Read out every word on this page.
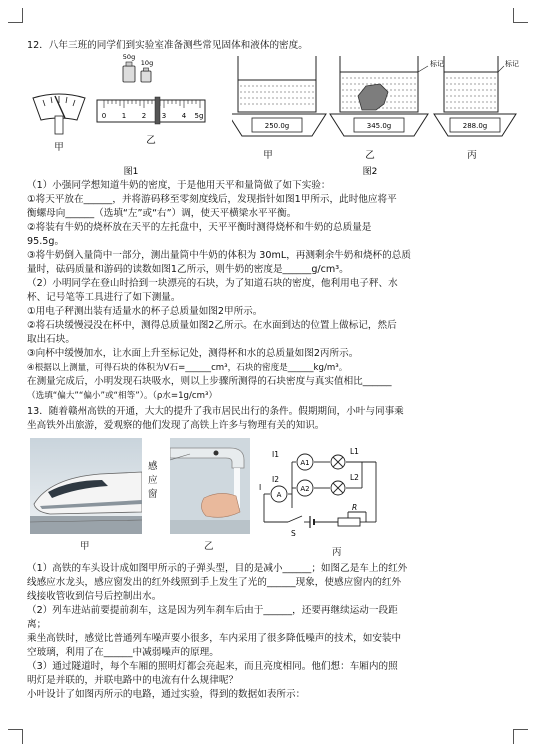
12．八年三班的同学们到实验室准备测些常见固体和液体的密度。
甲
50g
10g
0 1 2 3 4 5g
乙
图1
250.0g
甲
标记
345.0g
乙
标记
288.0g
丙
图2
（1）小强同学想知道牛奶的密度，于是他用天平和量筒做了如下实验：
①将天平放在______，并将游码移至零刻度线后，发现指针如图1甲所示，此时他应将平
衡螺母向______（选填“左”或“右”）调，使天平横梁水平平衡。
②将装有牛奶的烧杯放在天平的左托盘中，天平平衡时测得烧杯和牛奶的总质量是
95.5g。
③将牛奶倒入量筒中一部分，测出量筒中牛奶的体积为 30mL，再测剩余牛奶和烧杯的总质
量时，砝码质量和游码的读数如图1乙所示，则牛奶的密度是______g/cm³。
（2）小明同学在登山时拾到一块漂亮的石块，为了知道石块的密度，他利用电子秤、水
杯、记号笔等工具进行了如下测量。
①用电子秤测出装有适量水的杯子总质量如图2甲所示。
②将石块缓慢浸没在杯中，测得总质量如图2乙所示。在水面到达的位置上做标记，然后
取出石块。
③向杯中缓慢加水，让水面上升至标记处，测得杯和水的总质量如图2丙所示。
④根据以上测量，可得石块的体积为V石=______cm³，石块的密度是______kg/m³。
在测量完成后，小明发现石块吸水，则以上步骤所测得的石块密度与真实值相比______
（选填“偏大”“偏小”或“相等”）。（ρ水=1g/cm³）
13．随着赣州高铁的开通，大大的提升了我市居民出行的条件。假期期间，小叶与同事乘
坐高铁外出旅游，爱观察的他们发现了高铁上许多与物理有关的知识。
甲
感
应
窗
乙
A1
A2
A
I1
I2
I
L1
L2
S
R
丙
（1）高铁的车头设计成如图甲所示的子弹头型，目的是减小______；如图乙是车上的红外
线感应水龙头，感应窗发出的红外线照到手上发生了光的______现象，使感应窗内的红外
线接收管收到信号后控制出水。
（2）列车进站前要提前刹车，这是因为列车刹车后由于______，还要再继续运动一段距
离；
乘坐高铁时，感觉比普通列车噪声要小很多，车内采用了很多降低噪声的技术，如安装中
空玻璃，利用了在______中减弱噪声的原理。
（3）通过隧道时，每个车厢的照明灯都会亮起来，而且亮度相同。他们想：车厢内的照
明灯是并联的，并联电路中的电流有什么规律呢？
小叶设计了如图丙所示的电路，通过实验，得到的数据如表所示：
